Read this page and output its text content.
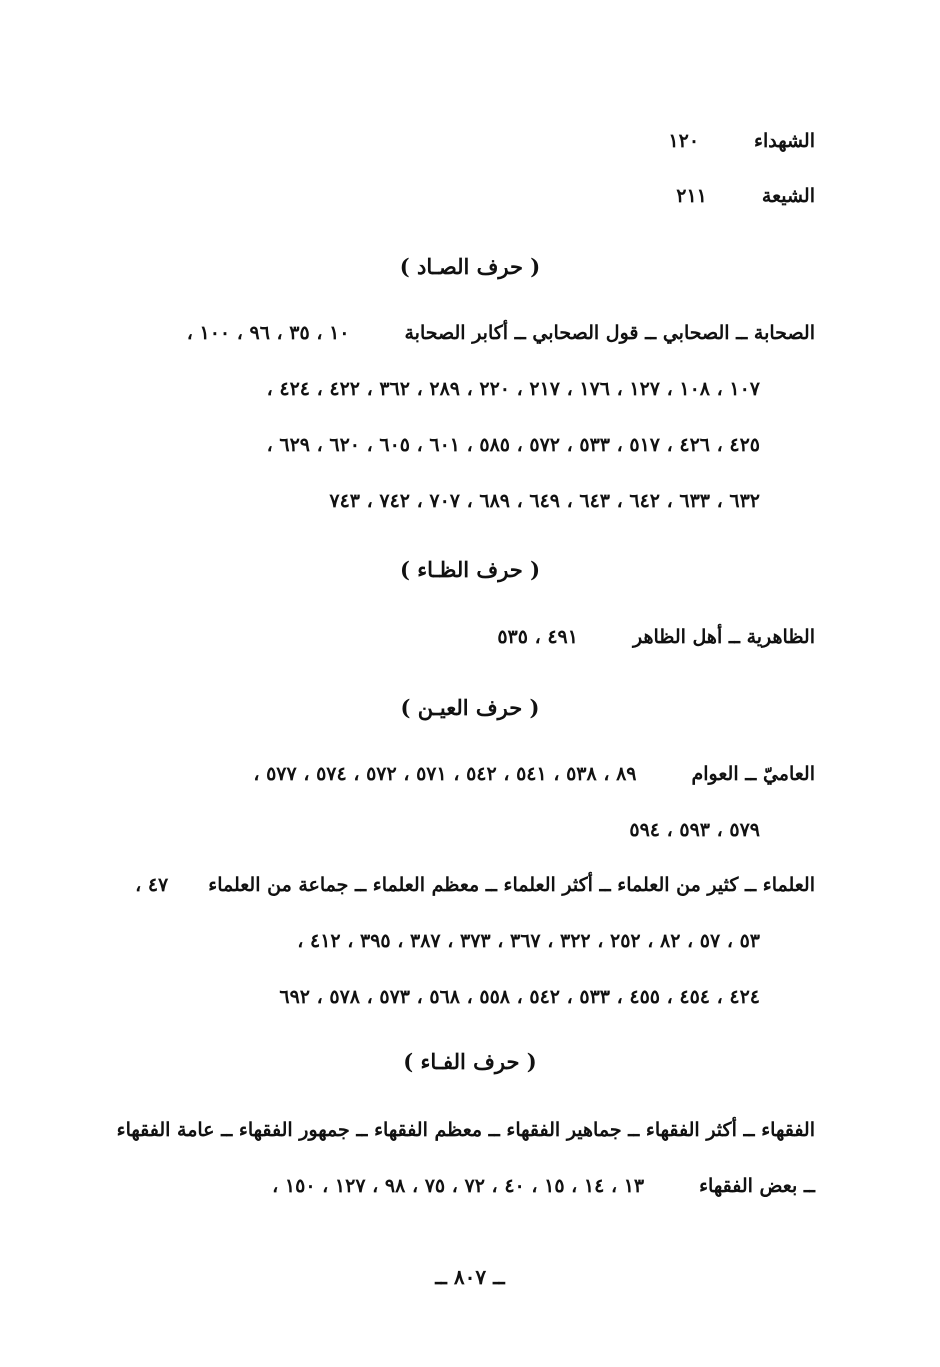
الشهداء١٢٠
الشيعة٢١١
( حرف الصـاد )
الصحابة ــ الصحابي ــ قول الصحابي ــ أكابر الصحابة١٠ ، ٣٥ ، ٩٦ ، ١٠٠ ،
١٠٧ ، ١٠٨ ، ١٢٧ ، ١٧٦ ، ٢١٧ ، ٢٢٠ ، ٢٨٩ ، ٣٦٢ ، ٤٢٢ ، ٤٢٤ ،
٤٢٥ ، ٤٢٦ ، ٥١٧ ، ٥٣٣ ، ٥٧٢ ، ٥٨٥ ، ٦٠١ ، ٦٠٥ ، ٦٢٠ ، ٦٢٩ ،
٦٣٢ ، ٦٣٣ ، ٦٤٢ ، ٦٤٣ ، ٦٤٩ ، ٦٨٩ ، ٧٠٧ ، ٧٤٢ ، ٧٤٣
( حرف الظـاء )
الظاهرية ــ أهل الظاهر٤٩١ ، ٥٣٥
( حرف العيـن )
العاميّ ــ العوام٨٩ ، ٥٣٨ ، ٥٤١ ، ٥٤٢ ، ٥٧١ ، ٥٧٢ ، ٥٧٤ ، ٥٧٧ ،
٥٧٩ ، ٥٩٣ ، ٥٩٤
العلماء ــ كثير من العلماء ــ أكثر العلماء ــ معظم العلماء ــ جماعة من العلماء٤٧ ،
٥٣ ، ٥٧ ، ٨٢ ، ٢٥٢ ، ٣٢٢ ، ٣٦٧ ، ٣٧٣ ، ٣٨٧ ، ٣٩٥ ، ٤١٢ ،
٤٢٤ ، ٤٥٤ ، ٤٥٥ ، ٥٣٣ ، ٥٤٢ ، ٥٥٨ ، ٥٦٨ ، ٥٧٣ ، ٥٧٨ ، ٦٩٢
( حرف الفـاء )
الفقهاء ــ أكثر الفقهاء ــ جماهير الفقهاء ــ معظم الفقهاء ــ جمهور الفقهاء ــ عامة الفقهاء
ــ بعض الفقهاء١٣ ، ١٤ ، ١٥ ، ٤٠ ، ٧٢ ، ٧٥ ، ٩٨ ، ١٢٧ ، ١٥٠ ،
ــ ٨٠٧ ــ
